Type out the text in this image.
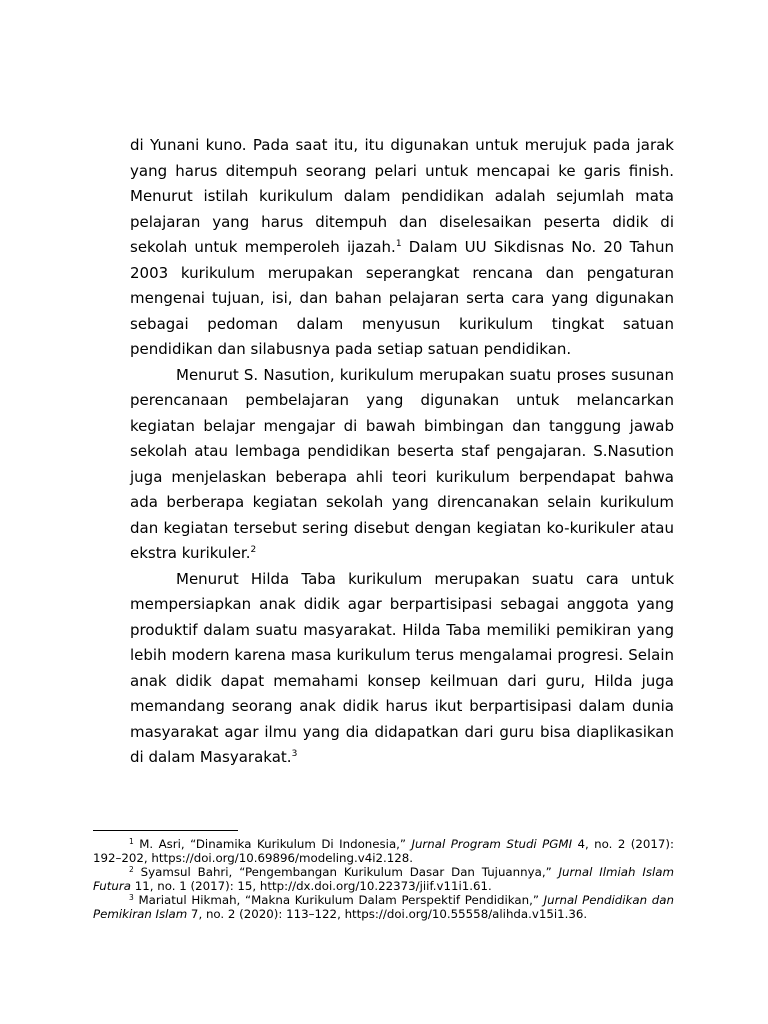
di Yunani kuno. Pada saat itu, itu digunakan untuk merujuk pada jarak yang harus ditempuh seorang pelari untuk mencapai ke garis finish. Menurut istilah kurikulum dalam pendidikan adalah sejumlah mata pelajaran yang harus ditempuh dan diselesaikan peserta didik di sekolah untuk memperoleh ijazah.$^1$ Dalam UU Sikdisnas No. 20 Tahun 2003 kurikulum merupakan seperangkat rencana dan pengaturan mengenai tujuan, isi, dan bahan pelajaran serta cara yang digunakan sebagai pedoman dalam menyusun kurikulum tingkat satuan pendidikan dan silabusnya pada setiap satuan pendidikan.

Menurut S. Nasution, kurikulum merupakan suatu proses susunan perencanaan pembelajaran yang digunakan untuk melancarkan kegiatan belajar mengajar di bawah bimbingan dan tanggung jawab sekolah atau lembaga pendidikan beserta staf pengajaran. S.Nasution juga menjelaskan beberapa ahli teori kurikulum berpendapat bahwa ada berberapa kegiatan sekolah yang direncanakan selain kurikulum dan kegiatan tersebut sering disebut dengan kegiatan ko-kurikuler atau ekstra kurikuler.$^2$

Menurut Hilda Taba kurikulum merupakan suatu cara untuk mempersiapkan anak didik agar berpartisipasi sebagai anggota yang produktif dalam suatu masyarakat. Hilda Taba memiliki pemikiran yang lebih modern karena masa kurikulum terus mengalamai progresi. Selain anak didik dapat memahami konsep keilmuan dari guru, Hilda juga memandang seorang anak didik harus ikut berpartisipasi dalam dunia masyarakat agar ilmu yang dia didapatkan dari guru bisa diaplikasikan di dalam Masyarakat.$^3$

$^1$ M. Asri, “Dinamika Kurikulum Di Indonesia,” Jurnal Program Studi PGMI 4, no. 2 (2017): 192–202, https://doi.org/10.69896/modeling.v4i2.128.

$^2$ Syamsul Bahri, “Pengembangan Kurikulum Dasar Dan Tujuannya,” Jurnal Ilmiah Islam Futura 11, no. 1 (2017): 15, http://dx.doi.org/10.22373/jiif.v11i1.61.

$^3$ Mariatul Hikmah, “Makna Kurikulum Dalam Perspektif Pendidikan,” Jurnal Pendidikan dan Pemikiran Islam 7, no. 2 (2020): 113–122, https://doi.org/10.55558/alihda.v15i1.36.
